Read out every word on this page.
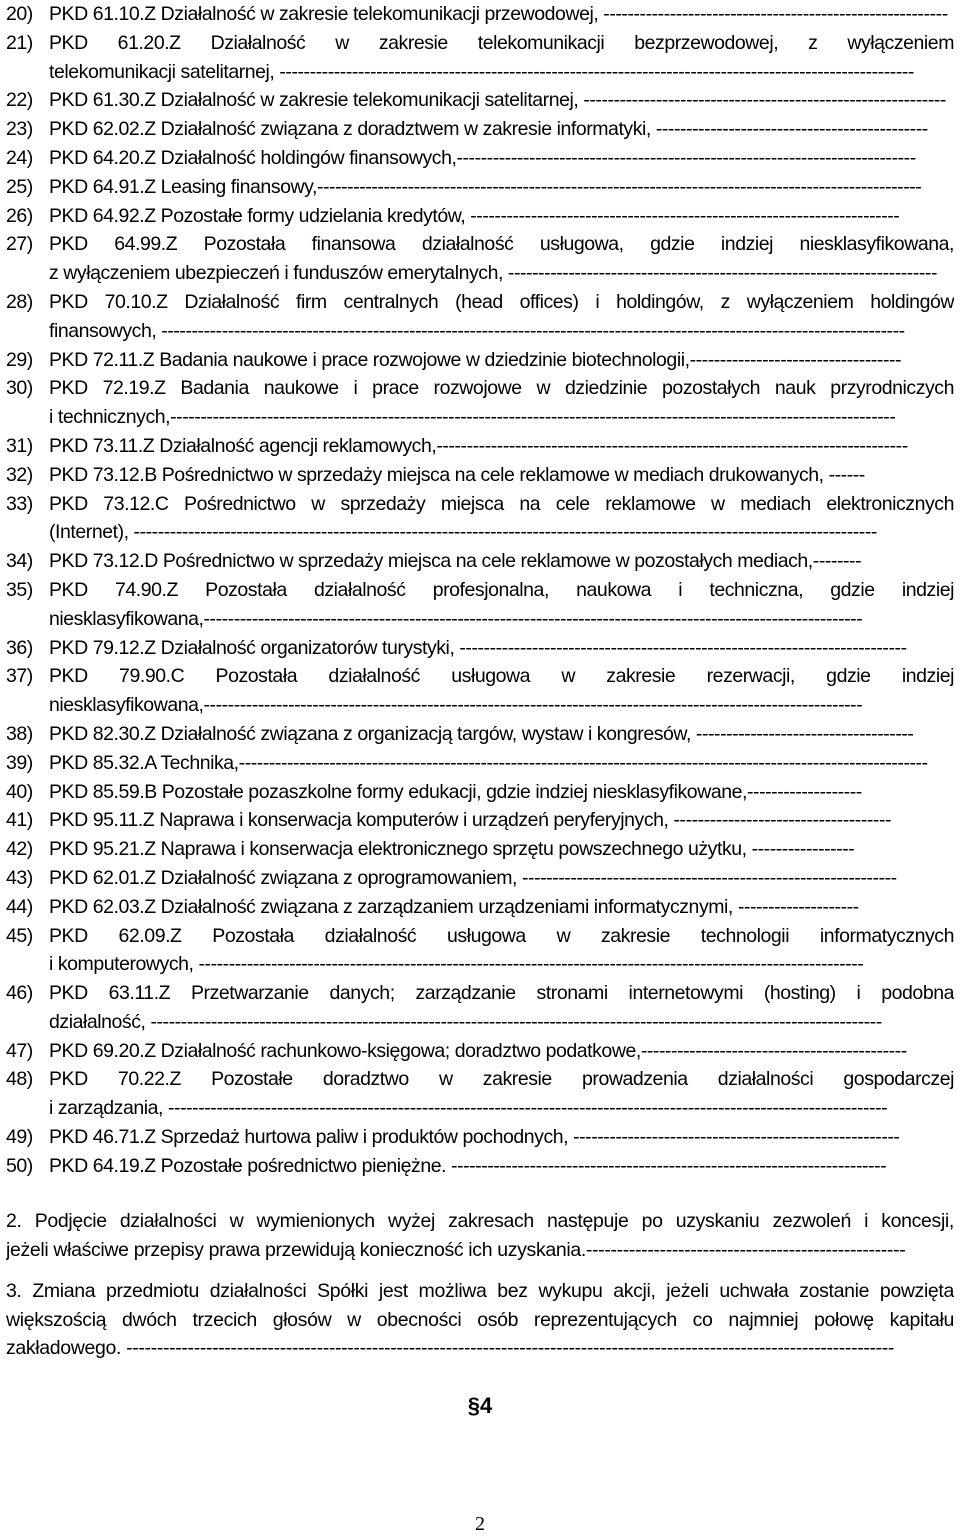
20) PKD 61.10.Z Działalność w zakresie telekomunikacji przewodowej, ---------------------------------------------------------
21) PKD 61.20.Z Działalność w zakresie telekomunikacji bezprzewodowej, z wyłączeniem
telekomunikacji satelitarnej, ---------------------------------------------------------------------------------------------------------
22) PKD 61.30.Z Działalność w zakresie telekomunikacji satelitarnej, ------------------------------------------------------------
23) PKD 62.02.Z Działalność związana z doradztwem w zakresie informatyki, ---------------------------------------------
24) PKD 64.20.Z Działalność holdingów finansowych,----------------------------------------------------------------------------
25) PKD 64.91.Z Leasing finansowy,----------------------------------------------------------------------------------------------------
26) PKD 64.92.Z Pozostałe formy udzielania kredytów, -----------------------------------------------------------------------
27) PKD 64.99.Z Pozostała finansowa działalność usługowa, gdzie indziej niesklasyfikowana,
z wyłączeniem ubezpieczeń i funduszów emerytalnych, -----------------------------------------------------------------------
28) PKD 70.10.Z Działalność firm centralnych (head offices) i holdingów, z wyłączeniem holdingów
finansowych, ---------------------------------------------------------------------------------------------------------------------------
29) PKD 72.11.Z Badania naukowe i prace rozwojowe w dziedzinie biotechnologii,-----------------------------------
30) PKD 72.19.Z Badania naukowe i prace rozwojowe w dziedzinie pozostałych nauk przyrodniczych
i technicznych,------------------------------------------------------------------------------------------------------------------------
31) PKD 73.11.Z Działalność agencji reklamowych,------------------------------------------------------------------------------
32) PKD 73.12.B Pośrednictwo w sprzedaży miejsca na cele reklamowe w mediach drukowanych, ------
33) PKD 73.12.C Pośrednictwo w sprzedaży miejsca na cele reklamowe w mediach elektronicznych
(Internet), ---------------------------------------------------------------------------------------------------------------------------
34) PKD 73.12.D Pośrednictwo w sprzedaży miejsca na cele reklamowe w pozostałych mediach,--------
35) PKD 74.90.Z Pozostała działalność profesjonalna, naukowa i techniczna, gdzie indziej
niesklasyfikowana,-------------------------------------------------------------------------------------------------------------
36) PKD 79.12.Z Działalność organizatorów turystyki, --------------------------------------------------------------------------
37) PKD 79.90.C Pozostała działalność usługowa w zakresie rezerwacji, gdzie indziej
niesklasyfikowana,-------------------------------------------------------------------------------------------------------------
38) PKD 82.30.Z Działalność związana z organizacją targów, wystaw i kongresów, ------------------------------------
39) PKD 85.32.A Technika,------------------------------------------------------------------------------------------------------------------
40) PKD 85.59.B Pozostałe pozaszkolne formy edukacji, gdzie indziej niesklasyfikowane,-------------------
41) PKD 95.11.Z Naprawa i konserwacja komputerów i urządzeń peryferyjnych, ------------------------------------
42) PKD 95.21.Z Naprawa i konserwacja elektronicznego sprzętu powszechnego użytku, -----------------
43) PKD 62.01.Z Działalność związana z oprogramowaniem, --------------------------------------------------------------
44) PKD 62.03.Z Działalność związana z zarządzaniem urządzeniami informatycznymi, --------------------
45) PKD 62.09.Z Pozostała działalność usługowa w zakresie technologii informatycznych
i komputerowych, --------------------------------------------------------------------------------------------------------------
46) PKD 63.11.Z Przetwarzanie danych; zarządzanie stronami internetowymi (hosting) i podobna
działalność, -------------------------------------------------------------------------------------------------------------------------
47) PKD 69.20.Z Działalność rachunkowo-księgowa; doradztwo podatkowe,--------------------------------------------
48) PKD 70.22.Z Pozostałe doradztwo w zakresie prowadzenia działalności gospodarczej
i zarządzania, -----------------------------------------------------------------------------------------------------------------------
49) PKD 46.71.Z Sprzedaż hurtowa paliw i produktów pochodnych, ------------------------------------------------------
50) PKD 64.19.Z Pozostałe pośrednictwo pieniężne. ------------------------------------------------------------------------
2. Podjęcie działalności w wymienionych wyżej zakresach następuje po uzyskaniu zezwoleń i koncesji,
jeżeli właściwe przepisy prawa przewidują konieczność ich uzyskania.----------------------------------------------------
3. Zmiana przedmiotu działalności Spółki jest możliwa bez wykupu akcji, jeżeli uchwała zostanie powzięta
większością dwóch trzecich głosów w obecności osób reprezentujących co najmniej połowę kapitału
zakładowego. -----------------------------------------------------------------------------------------------------------------------------
§4
2
